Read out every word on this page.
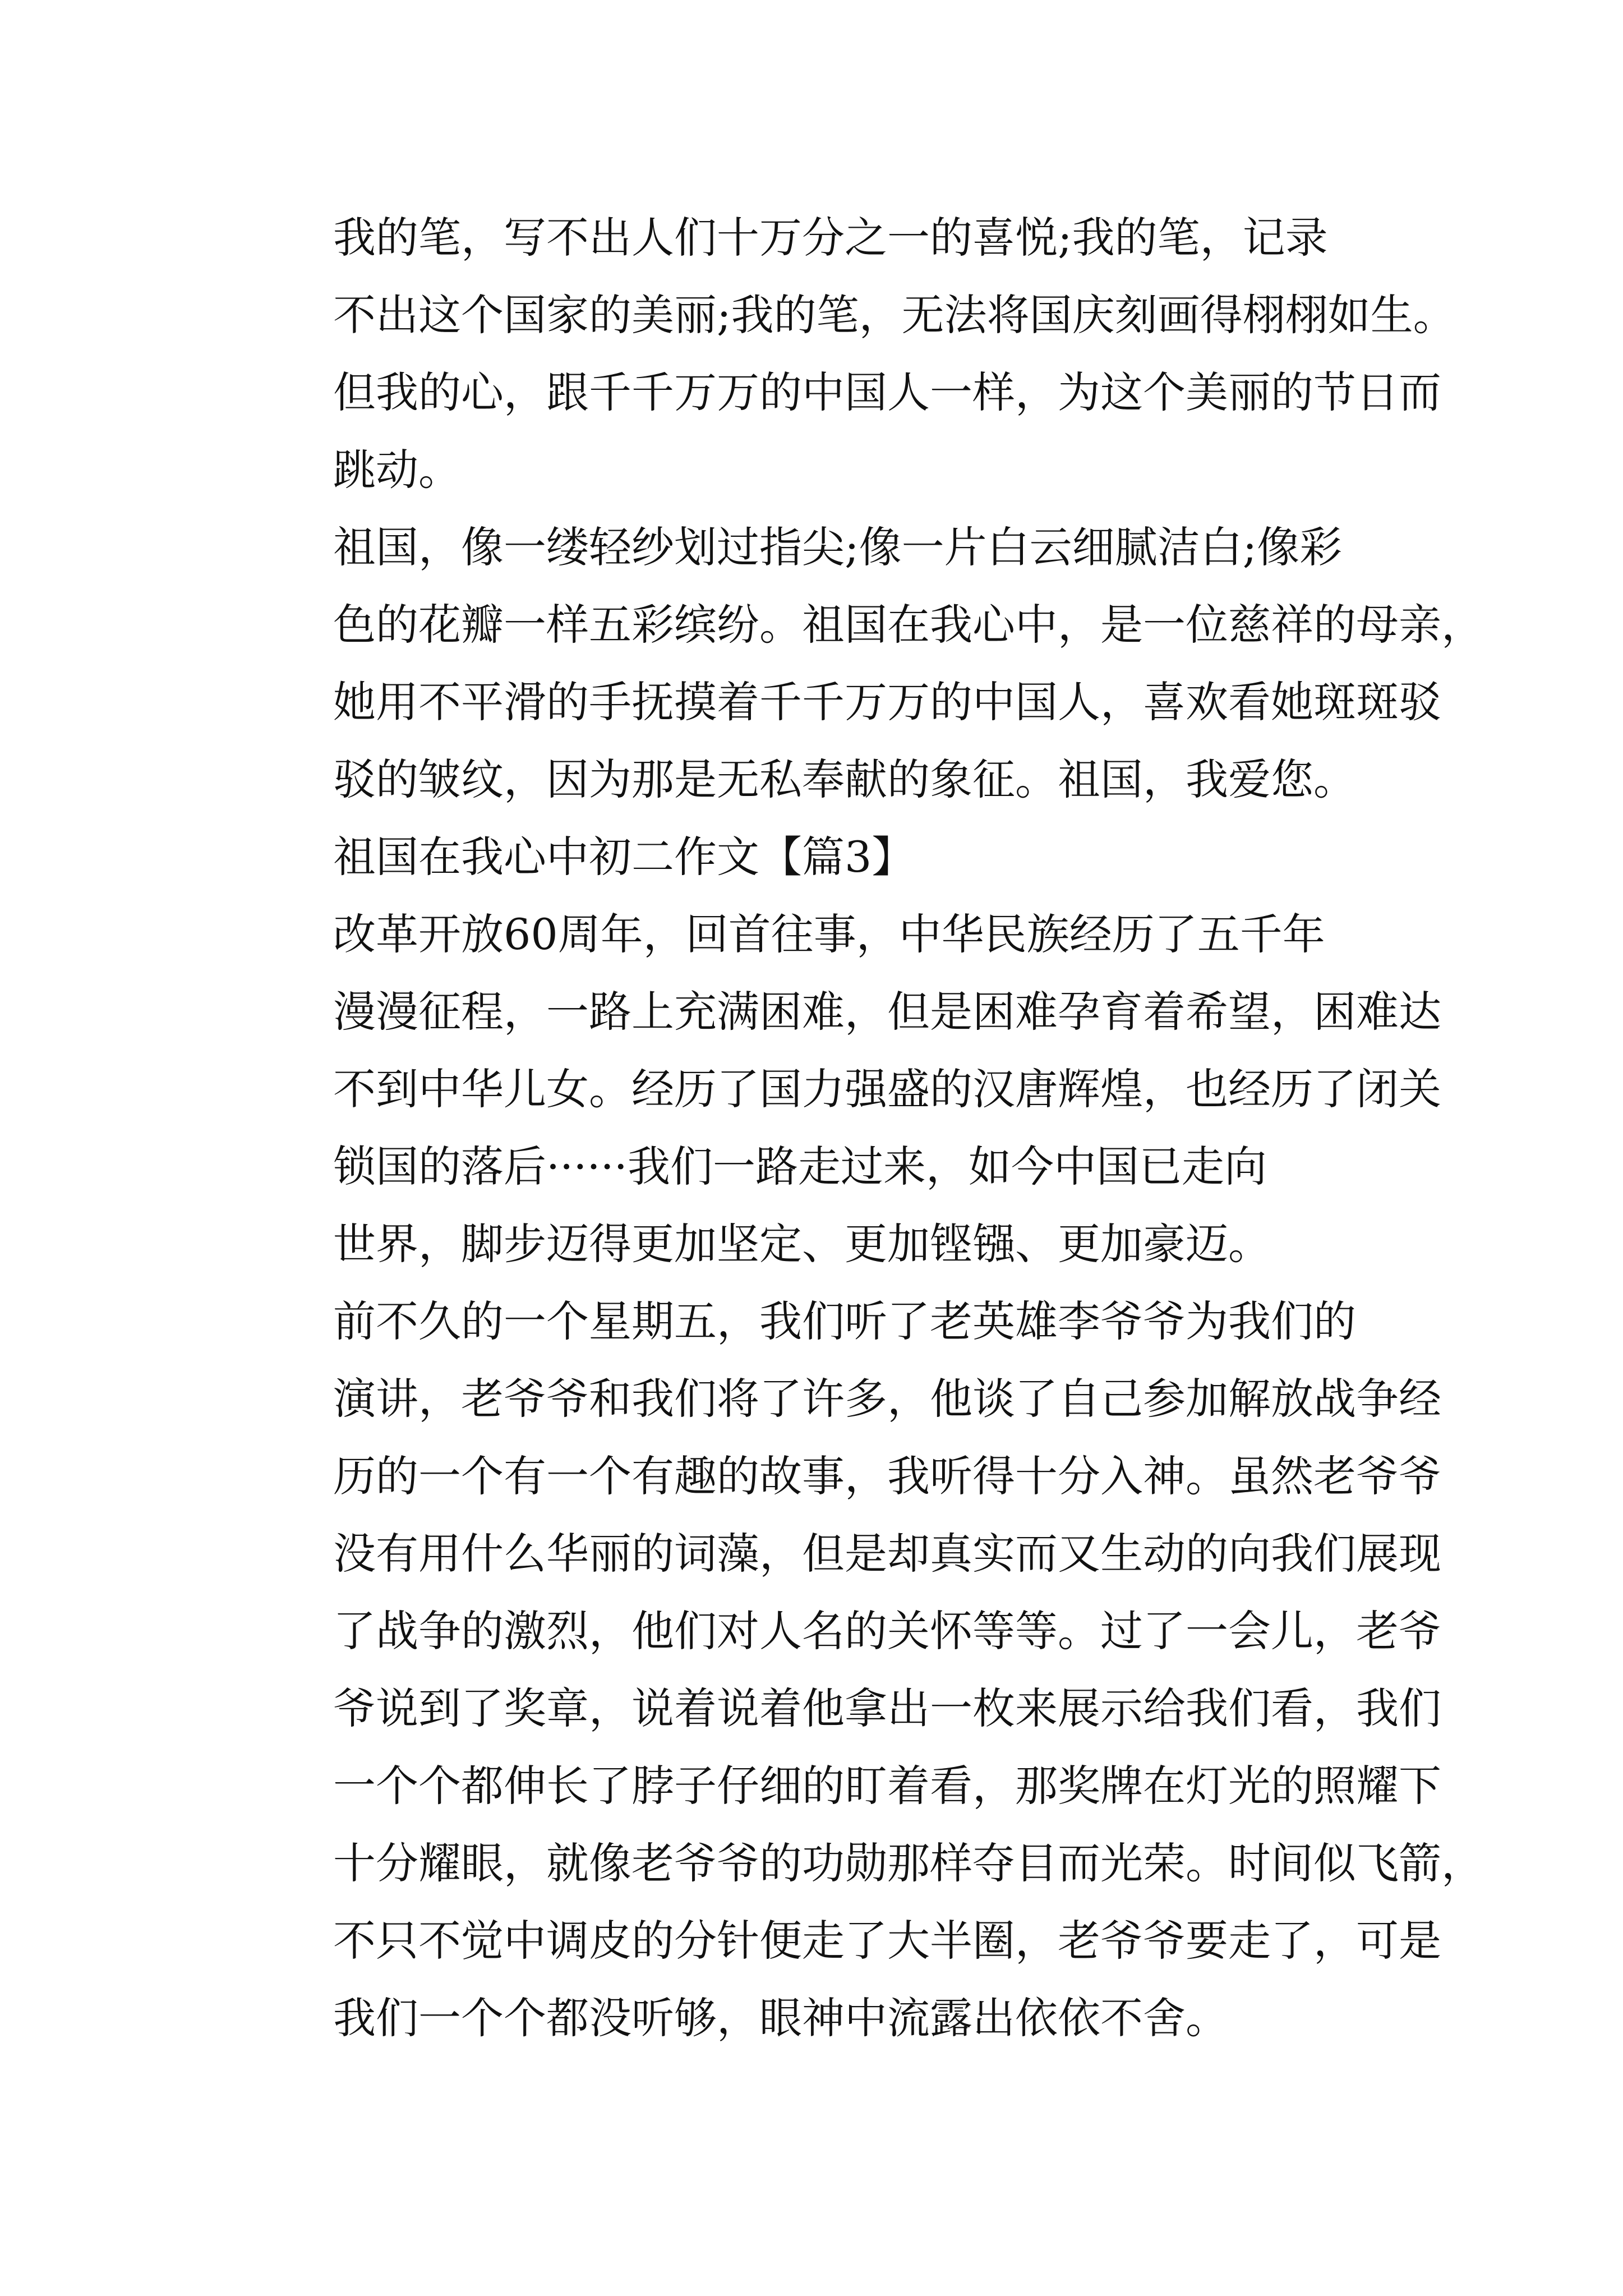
我的笔，写不出人们十万分之一的喜悦;我的笔，记录
不出这个国家的美丽;我的笔，无法将国庆刻画得栩栩如生。
但我的心，跟千千万万的中国人一样，为这个美丽的节日而
跳动。
祖国，像一缕轻纱划过指尖;像一片白云细腻洁白;像彩
色的花瓣一样五彩缤纷。祖国在我心中，是一位慈祥的母亲，
她用不平滑的手抚摸着千千万万的中国人，喜欢看她斑斑驳
驳的皱纹，因为那是无私奉献的象征。祖国，我爱您。
祖国在我心中初二作文【篇3】
改革开放60周年，回首往事，中华民族经历了五千年
漫漫征程，一路上充满困难，但是困难孕育着希望，困难达
不到中华儿女。经历了国力强盛的汉唐辉煌，也经历了闭关
锁国的落后······我们一路走过来，如今中国已走向
世界，脚步迈得更加坚定、更加铿镪、更加豪迈。
前不久的一个星期五，我们听了老英雄李爷爷为我们的
演讲，老爷爷和我们将了许多，他谈了自己参加解放战争经
历的一个有一个有趣的故事，我听得十分入神。虽然老爷爷
没有用什么华丽的词藻，但是却真实而又生动的向我们展现
了战争的激烈，他们对人名的关怀等等。过了一会儿，老爷
爷说到了奖章，说着说着他拿出一枚来展示给我们看，我们
一个个都伸长了脖子仔细的盯着看，那奖牌在灯光的照耀下
十分耀眼，就像老爷爷的功勋那样夺目而光荣。时间似飞箭，
不只不觉中调皮的分针便走了大半圈，老爷爷要走了，可是
我们一个个都没听够，眼神中流露出依依不舍。
